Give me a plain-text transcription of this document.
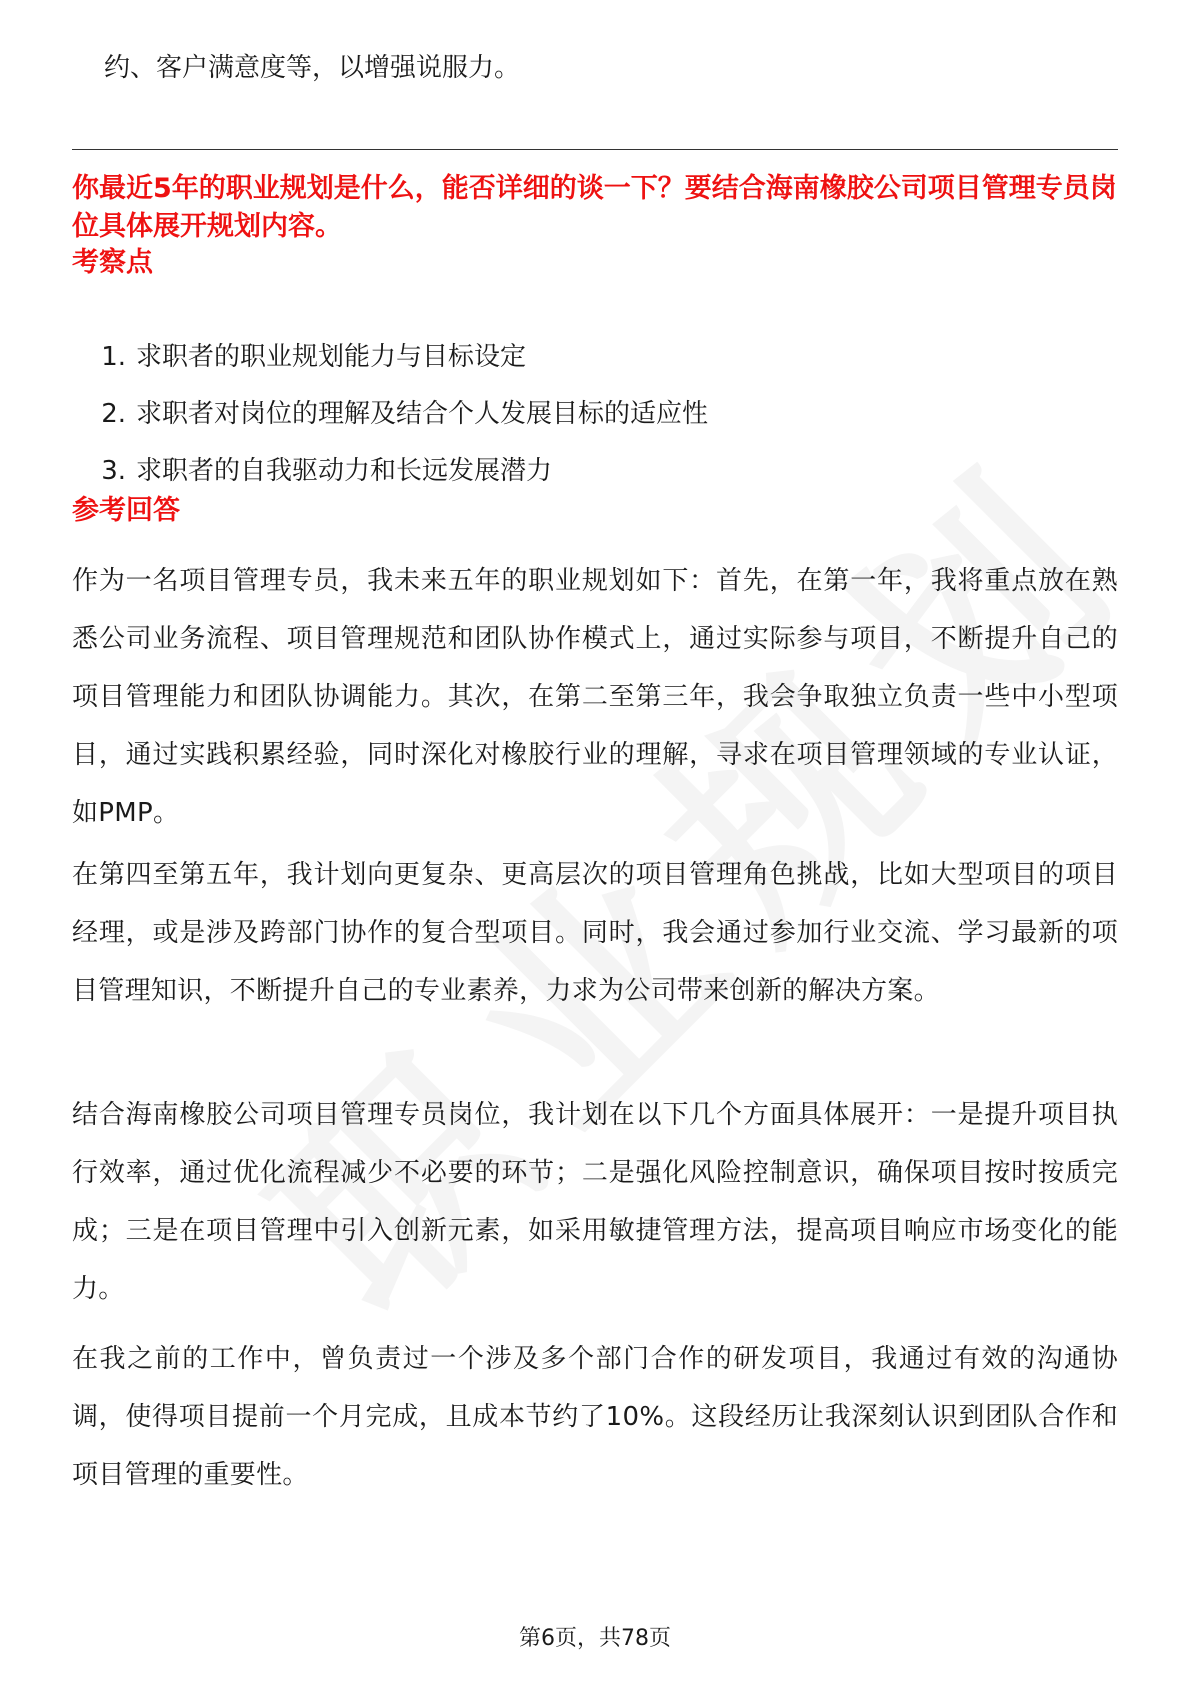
约、客户满意度等，以增强说服力。
你最近5年的职业规划是什么，能否详细的谈一下？要结合海南橡胶公司项目管理专员岗位具体展开规划内容。
考察点
1. 求职者的职业规划能力与目标设定
2. 求职者对岗位的理解及结合个人发展目标的适应性
3. 求职者的自我驱动力和长远发展潜力
参考回答

作为一名项目管理专员，我未来五年的职业规划如下：首先，在第一年，我将重点放在熟悉公司业务流程、项目管理规范和团队协作模式上，通过实际参与项目，不断提升自己的项目管理能力和团队协调能力。其次，在第二至第三年，我会争取独立负责一些中小型项目，通过实践积累经验，同时深化对橡胶行业的理解，寻求在项目管理领域的专业认证，如PMP。

在第四至第五年，我计划向更复杂、更高层次的项目管理角色挑战，比如大型项目的项目经理，或是涉及跨部门协作的复合型项目。同时，我会通过参加行业交流、学习最新的项目管理知识，不断提升自己的专业素养，力求为公司带来创新的解决方案。

结合海南橡胶公司项目管理专员岗位，我计划在以下几个方面具体展开：一是提升项目执行效率，通过优化流程减少不必要的环节；二是强化风险控制意识，确保项目按时按质完成；三是在项目管理中引入创新元素，如采用敏捷管理方法，提高项目响应市场变化的能力。

在我之前的工作中，曾负责过一个涉及多个部门合作的研发项目，我通过有效的沟通协调，使得项目提前一个月完成，且成本节约了10%。这段经历让我深刻认识到团队合作和项目管理的重要性。

第6页，共78页
